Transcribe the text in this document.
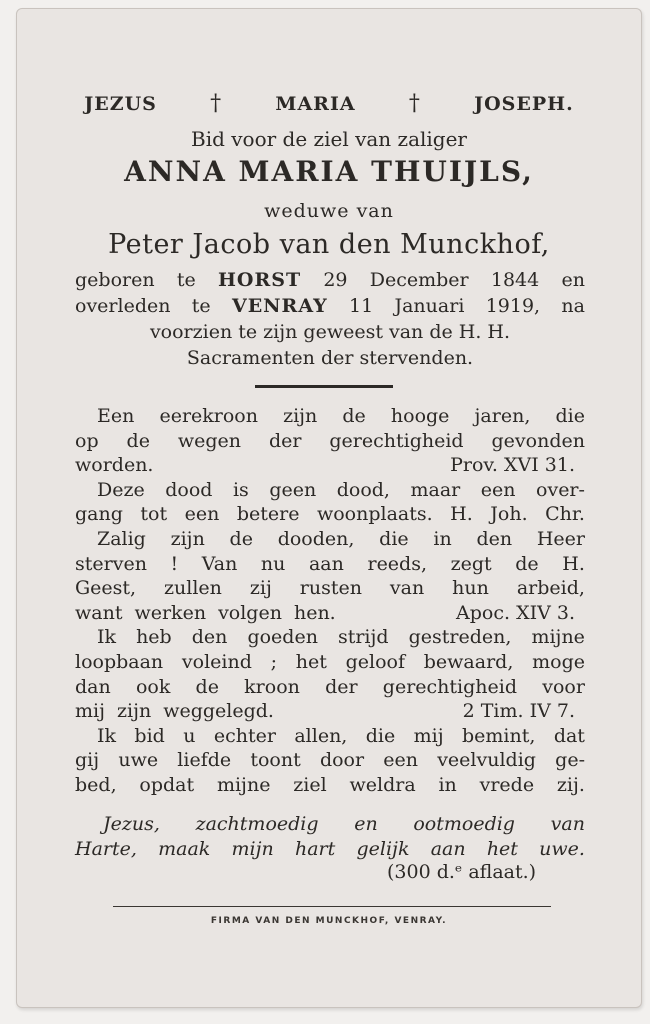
JEZUS †	MARIA †	JOSEPH.
Bid voor de ziel van zaliger
ANNA MARIA THUIJLS,
weduwe van
Peter Jacob van den Munckhof,
geboren te HORST 29 December 1844 en
overleden te VENRAY 11 Januari 1919, na
voorzien te zijn geweest van de H. H.
Sacramenten der stervenden.
Een eerekroon zijn de hooge jaren, die
op de wegen der gerechtigheid gevonden
worden.	Prov. XVI 31.
Deze dood is geen dood, maar een over-
gang tot een betere woonplaats. H. Joh. Chr.
Zalig zijn de dooden, die in den Heer
sterven ! Van nu aan reeds, zegt de H.
Geest, zullen zij rusten van hun arbeid,
want werken volgen hen.	Apoc. XIV 3.
Ik heb den goeden strijd gestreden, mijne
loopbaan voleind ; het geloof bewaard, moge
dan ook de kroon der gerechtigheid voor
mij zijn weggelegd.	2 Tim. IV 7.
Ik bid u echter allen, die mij bemint, dat
gij uwe liefde toont door een veelvuldig ge-
bed, opdat mijne ziel weldra in vrede zij.
Jezus, zachtmoedig en ootmoedig van
Harte, maak mijn hart gelijk aan het uwe.
(300 d.ᵉ aflaat.)
FIRMA VAN DEN MUNCKHOF, VENRAY.
